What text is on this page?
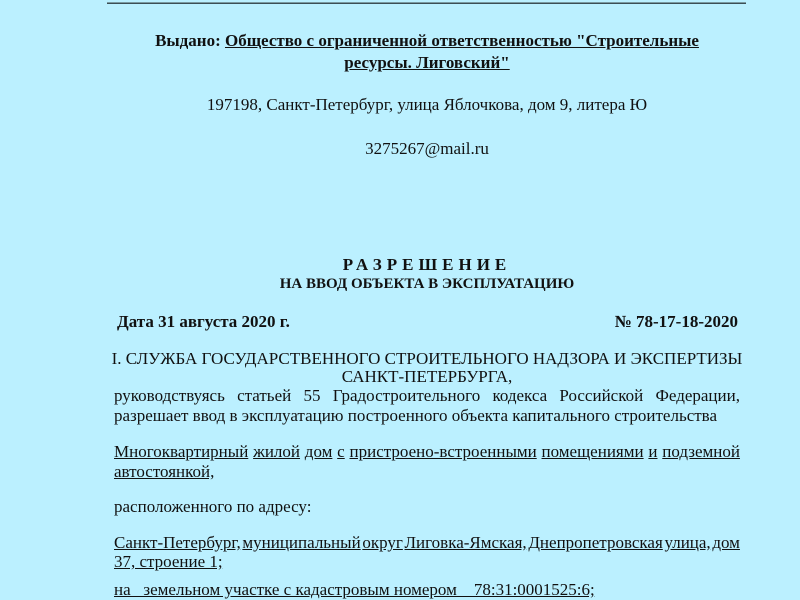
Выдано: Общество с ограниченной ответственностью "Строительные
ресурсы. Лиговский"
197198, Санкт-Петербург, улица Яблочкова, дом 9, литера Ю
3275267@mail.ru
РАЗРЕШЕНИЕ
НА ВВОД ОБЪЕКТА В ЭКСПЛУАТАЦИЮ
Дата 31 августа 2020 г.	№ 78-17-18-2020
I. СЛУЖБА ГОСУДАРСТВЕННОГО СТРОИТЕЛЬНОГО НАДЗОРА И ЭКСПЕРТИЗЫ
САНКТ-ПЕТЕРБУРГА,
руководствуясь статьей 55 Градостроительного кодекса Российской Федерации,
разрешает ввод в эксплуатацию построенного объекта капитального строительства
Многоквартирный жилой дом с пристроено-встроенными помещениями и подземной
автостоянкой,
расположенного по адресу:
Санкт-Петербург, муниципальный округ Лиговка-Ямская, Днепропетровская улица, дом
37, строение 1;
на   земельном участке с кадастровым номером    78:31:0001525:6;
